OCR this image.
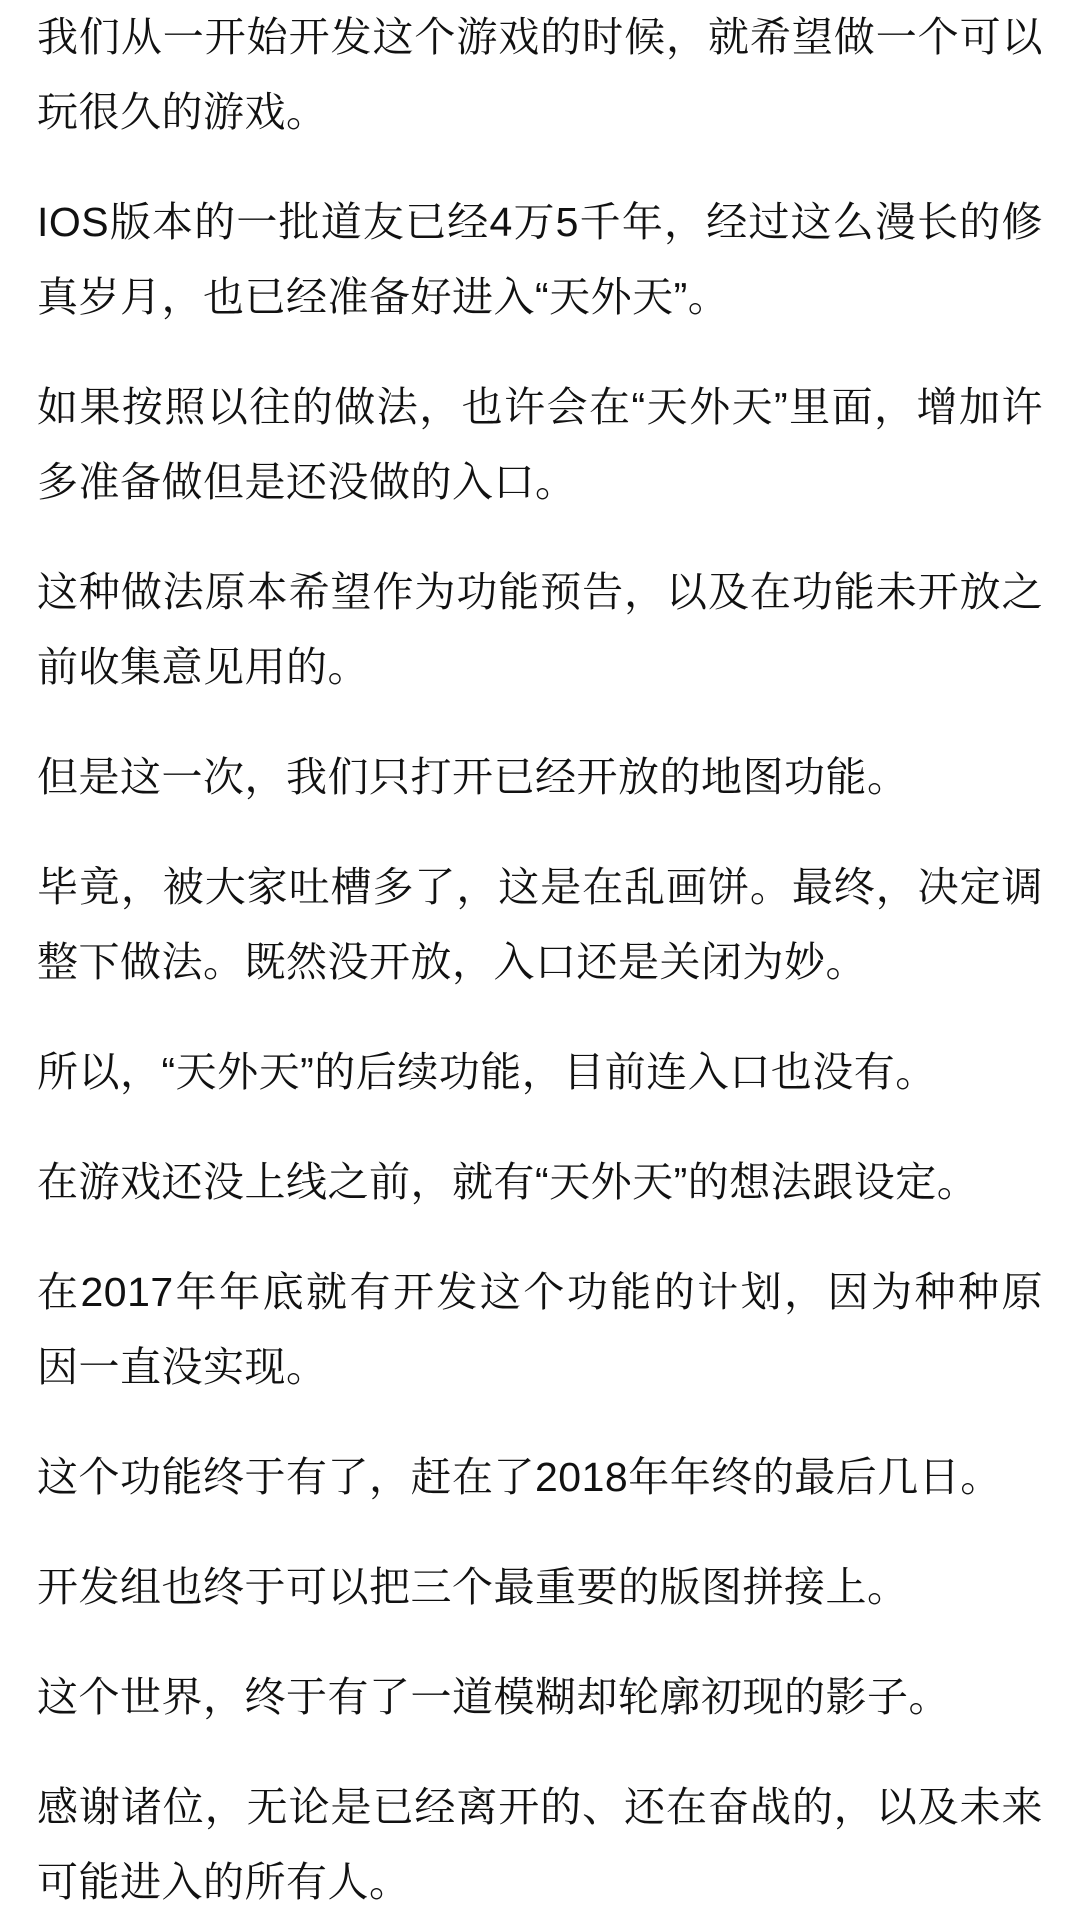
我们从一开始开发这个游戏的时候，就希望做一个可以玩很久的游戏。

IOS版本的一批道友已经4万5千年，经过这么漫长的修真岁月，也已经准备好进入“天外天”。

如果按照以往的做法，也许会在“天外天”里面，增加许多准备做但是还没做的入口。

这种做法原本希望作为功能预告，以及在功能未开放之前收集意见用的。

但是这一次，我们只打开已经开放的地图功能。

毕竟，被大家吐槽多了，这是在乱画饼。最终，决定调整下做法。既然没开放，入口还是关闭为妙。

所以，“天外天”的后续功能，目前连入口也没有。

在游戏还没上线之前，就有“天外天”的想法跟设定。

在2017年年底就有开发这个功能的计划，因为种种原因一直没实现。

这个功能终于有了，赶在了2018年年终的最后几日。

开发组也终于可以把三个最重要的版图拼接上。

这个世界，终于有了一道模糊却轮廓初现的影子。

感谢诸位，无论是已经离开的、还在奋战的，以及未来可能进入的所有人。
